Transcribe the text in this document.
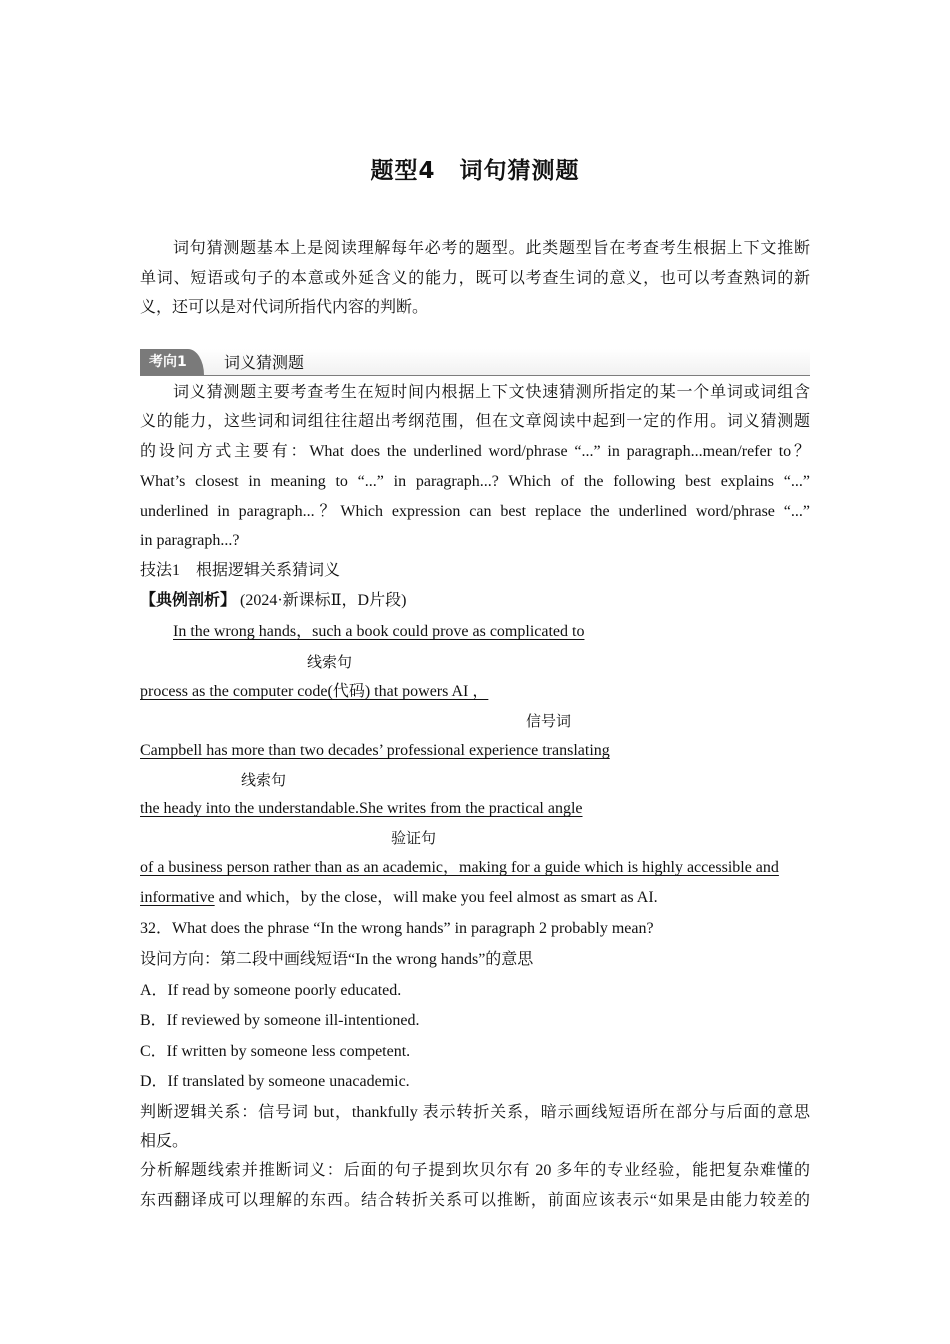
题型4　词句猜测题
词句猜测题基本上是阅读理解每年必考的题型。此类题型旨在考查考生根据上下文推断
单词、短语或句子的本意或外延含义的能力，既可以考查生词的意义，也可以考查熟词的新
义，还可以是对代词所指代内容的判断。
考向1	词义猜测题
词义猜测题主要考查考生在短时间内根据上下文快速猜测所指定的某一个单词或词组含
义的能力，这些词和词组往往超出考纲范围，但在文章阅读中起到一定的作用。词义猜测题
的设问方式主要有：What does the underlined word/phrase “...” in paragraph...mean/refer to？
What’s closest in meaning to “...” in paragraph...? Which of the following best explains “...”
underlined in paragraph...？Which expression can best replace the underlined word/phrase “...”
in paragraph...?
技法1　根据逻辑关系猜词义
【典例剖析】 (2024·新课标Ⅱ，D片段)
In the wrong hands，such a book could prove as complicated to
线索句
process as the computer code(代码) that powers AI ，
信号词
Campbell has more than two decades’ professional experience translating
线索句
the heady into the understandable.She writes from the practical angle
验证句
of a business person rather than as an academic，making for a guide which is highly accessible and
informative and which，by the close，will make you feel almost as smart as AI.
32．What does the phrase “In the wrong hands” in paragraph 2 probably mean?
设问方向：第二段中画线短语“In the wrong hands”的意思
A．If read by someone poorly educated.
B．If reviewed by someone ill-intentioned.
C．If written by someone less competent.
D．If translated by someone unacademic.
判断逻辑关系：信号词 but，thankfully 表示转折关系，暗示画线短语所在部分与后面的意思
相反。
分析解题线索并推断词义：后面的句子提到坎贝尔有 20 多年的专业经验，能把复杂难懂的
东西翻译成可以理解的东西。结合转折关系可以推断，前面应该表示“如果是由能力较差的
